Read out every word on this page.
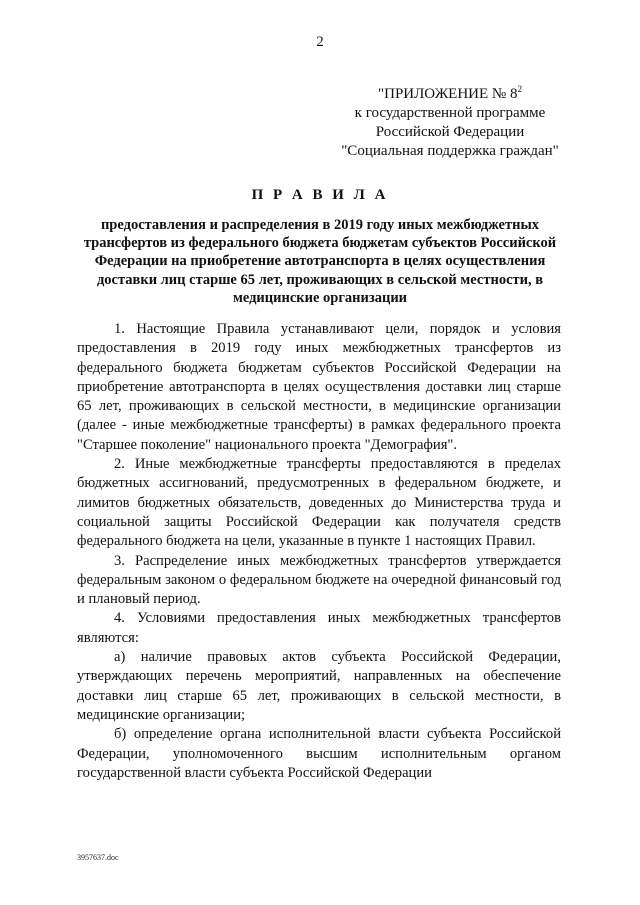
2
"ПРИЛОЖЕНИЕ № $8^2$
к государственной программе
Российской Федерации
"Социальная поддержка граждан"
П Р А В И Л А
предоставления и распределения в 2019 году иных межбюджетных трансфертов из федерального бюджета бюджетам субъектов Российской Федерации на приобретение автотранспорта в целях осуществления доставки лиц старше 65 лет, проживающих в сельской местности, в медицинские организации

1. Настоящие Правила устанавливают цели, порядок и условия предоставления в 2019 году иных межбюджетных трансфертов из федерального бюджета бюджетам субъектов Российской Федерации на приобретение автотранспорта в целях осуществления доставки лиц старше 65 лет, проживающих в сельской местности, в медицинские организации (далее - иные межбюджетные трансферты) в рамках федерального проекта "Старшее поколение" национального проекта "Демография".

2. Иные межбюджетные трансферты предоставляются в пределах бюджетных ассигнований, предусмотренных в федеральном бюджете, и лимитов бюджетных обязательств, доведенных до Министерства труда и социальной защиты Российской Федерации как получателя средств федерального бюджета на цели, указанные в пункте 1 настоящих Правил.

3. Распределение иных межбюджетных трансфертов утверждается федеральным законом о федеральном бюджете на очередной финансовый год и плановый период.

4. Условиями предоставления иных межбюджетных трансфертов являются:

а) наличие правовых актов субъекта Российской Федерации, утверждающих перечень мероприятий, направленных на обеспечение доставки лиц старше 65 лет, проживающих в сельской местности, в медицинские организации;

б) определение органа исполнительной власти субъекта Российской Федерации, уполномоченного высшим исполнительным органом государственной власти субъекта Российской Федерации

3957637.doc
